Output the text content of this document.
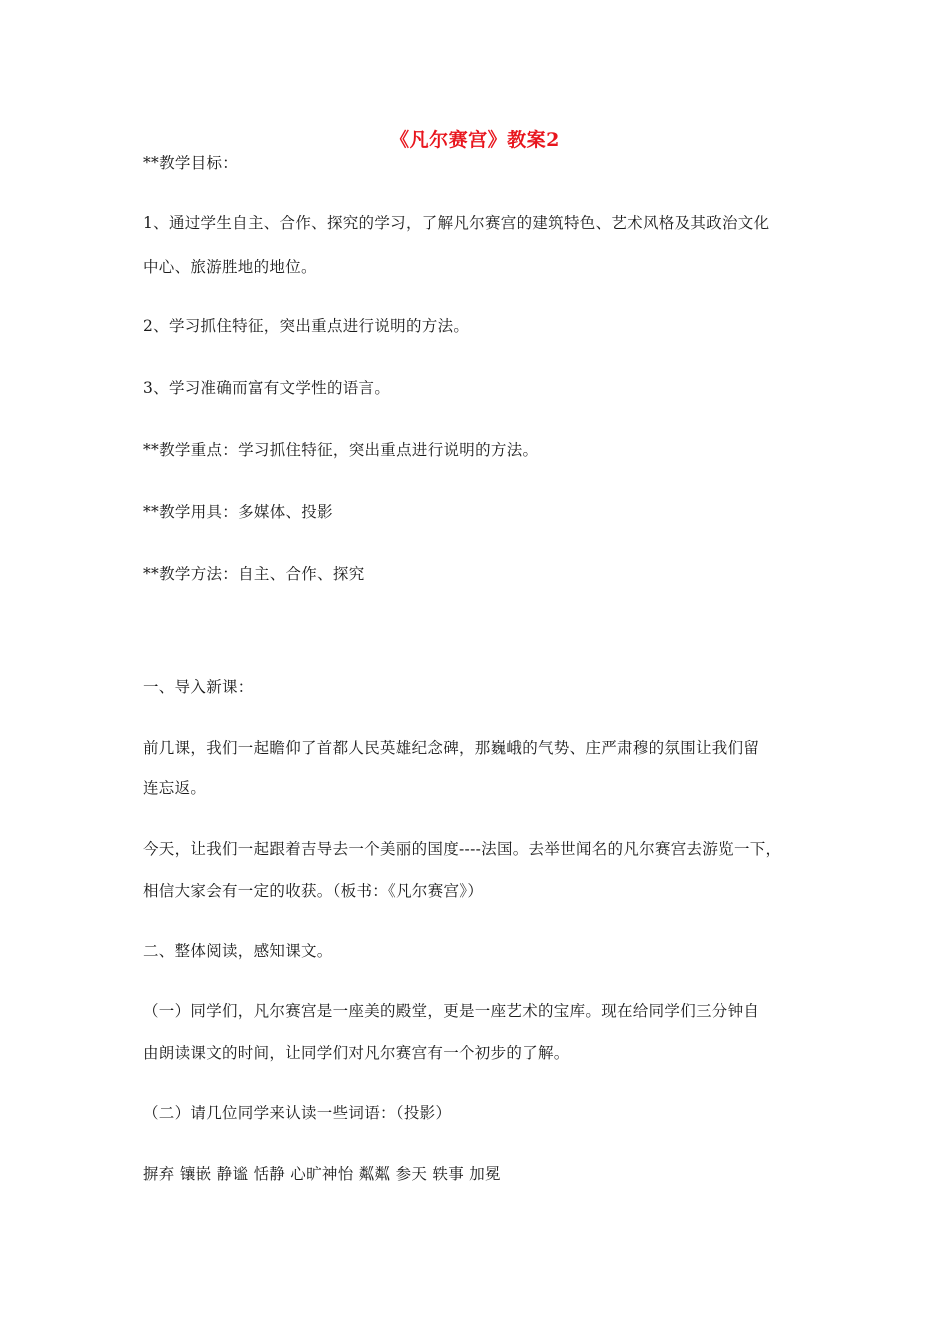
《凡尔赛宫》教案2
**教学目标：
1、通过学生自主、合作、探究的学习，了解凡尔赛宫的建筑特色、艺术风格及其政治文化
中心、旅游胜地的地位。
2、学习抓住特征，突出重点进行说明的方法。
3、学习准确而富有文学性的语言。
**教学重点：学习抓住特征，突出重点进行说明的方法。
**教学用具：多媒体、投影
**教学方法：自主、合作、探究
一、导入新课：
前几课，我们一起瞻仰了首都人民英雄纪念碑，那巍峨的气势、庄严肃穆的氛围让我们留
连忘返。
今天，让我们一起跟着吉导去一个美丽的国度----法国。去举世闻名的凡尔赛宫去游览一下，
相信大家会有一定的收获。（板书：《凡尔赛宫》）
二、整体阅读，感知课文。
（一）同学们，凡尔赛宫是一座美的殿堂，更是一座艺术的宝库。现在给同学们三分钟自
由朗读课文的时间，让同学们对凡尔赛宫有一个初步的了解。
（二）请几位同学来认读一些词语：（投影）
摒弃 镶嵌 静谧 恬静 心旷神怡 粼粼 参天 轶事 加冕
